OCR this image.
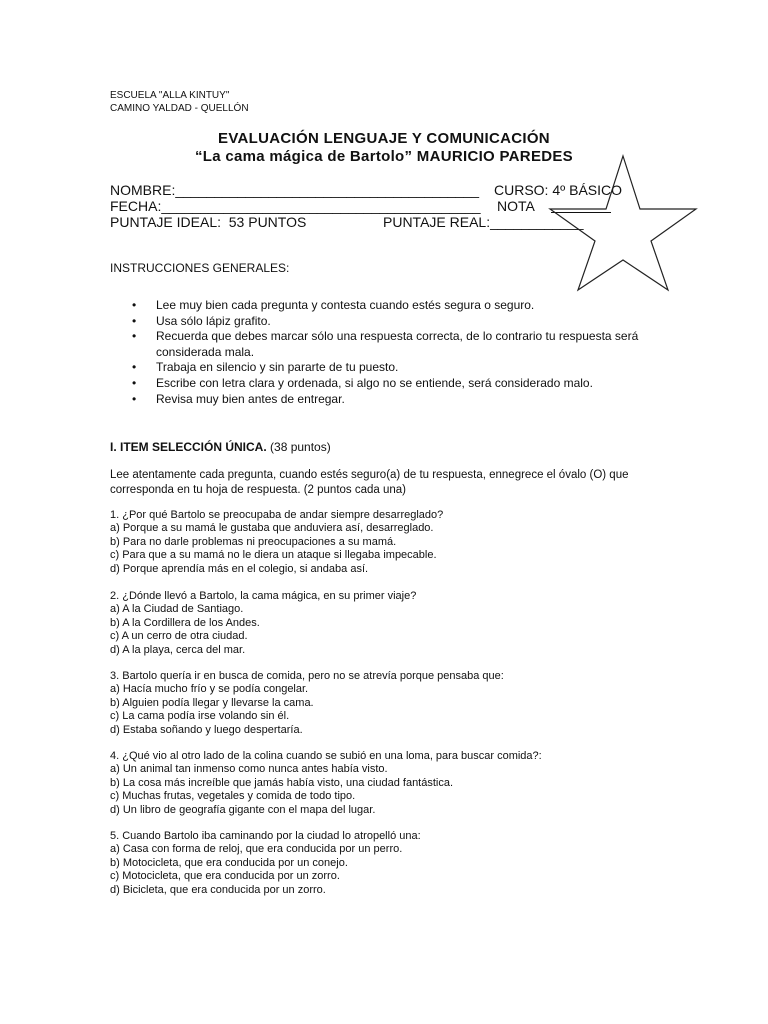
ESCUELA "ALLA KINTUY"
CAMINO YALDAD - QUELLÓN
EVALUACIÓN LENGUAJE Y COMUNICACIÓN
“La cama mágica de Bartolo” MAURICIO PAREDES
NOMBRE:_______________________________________ CURSO: 4º BÁSICO
FECHA:_________________________________________ NOTA
PUNTAJE IDEAL:  53 PUNTOS	PUNTAJE REAL:____________
INSTRUCCIONES GENERALES:
• Lee muy bien cada pregunta y contesta cuando estés segura o seguro.
• Usa sólo lápiz grafito.
• Recuerda que debes marcar sólo una respuesta correcta, de lo contrario tu respuesta será considerada mala.
• Trabaja en silencio y sin pararte de tu puesto.
• Escribe con letra clara y ordenada, si algo no se entiende, será considerado malo.
• Revisa muy bien antes de entregar.
I. ITEM SELECCIÓN ÚNICA. (38 puntos)
Lee atentamente cada pregunta, cuando estés seguro(a) de tu respuesta, ennegrece el óvalo (O) que corresponda en tu hoja de respuesta. (2 puntos cada una)
1. ¿Por qué Bartolo se preocupaba de andar siempre desarreglado?
a) Porque a su mamá le gustaba que anduviera así, desarreglado.
b) Para no darle problemas ni preocupaciones a su mamá.
c) Para que a su mamá no le diera un ataque si llegaba impecable.
d) Porque aprendía más en el colegio, si andaba así.
2. ¿Dónde llevó a Bartolo, la cama mágica, en su primer viaje?
a) A la Ciudad de Santiago.
b) A la Cordillera de los Andes.
c) A un cerro de otra ciudad.
d) A la playa, cerca del mar.
3. Bartolo quería ir en busca de comida, pero no se atrevía porque pensaba que:
a) Hacía mucho frío y se podía congelar.
b) Alguien podía llegar y llevarse la cama.
c) La cama podía irse volando sin él.
d) Estaba soñando y luego despertaría.
4. ¿Qué vio al otro lado de la colina cuando se subió en una loma, para buscar comida?:
a) Un animal tan inmenso como nunca antes había visto.
b) La cosa más increíble que jamás había visto, una ciudad fantástica.
c) Muchas frutas, vegetales y comida de todo tipo.
d) Un libro de geografía gigante con el mapa del lugar.
5. Cuando Bartolo iba caminando por la ciudad lo atropelló una:
a) Casa con forma de reloj, que era conducida por un perro.
b) Motocicleta, que era conducida por un conejo.
c) Motocicleta, que era conducida por un zorro.
d) Bicicleta, que era conducida por un zorro.
